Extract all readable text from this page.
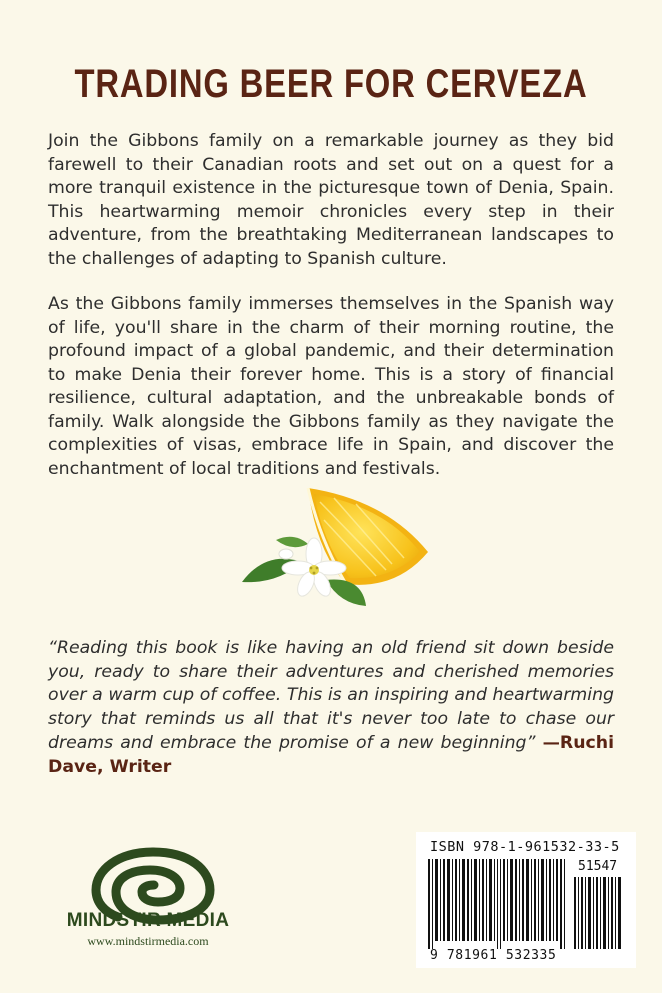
TRADING BEER FOR CERVEZA

Join the Gibbons family on a remarkable journey as they bid farewell to their Canadian roots and set out on a quest for a more tranquil existence in the picturesque town of Denia, Spain. This heartwarming memoir chronicles every step in their adventure, from the breathtaking Mediterranean landscapes to the challenges of adapting to Spanish culture.

As the Gibbons family immerses themselves in the Spanish way of life, you'll share in the charm of their morning routine, the profound impact of a global pandemic, and their determination to make Denia their forever home. This is a story of financial resilience, cultural adaptation, and the unbreakable bonds of family. Walk alongside the Gibbons family as they navigate the complexities of visas, embrace life in Spain, and discover the enchantment of local traditions and festivals.

“Reading this book is like having an old friend sit down beside you, ready to share their adventures and cherished memories over a warm cup of coffee. This is an inspiring and heartwarming story that reminds us all that it's never too late to chase our dreams and embrace the promise of a new beginning” —Ruchi Dave, Writer

MINDSTIR MEDIA
www.mindstirmedia.com
ISBN 978-1-961532-33-5
51547
9 781961 532335
